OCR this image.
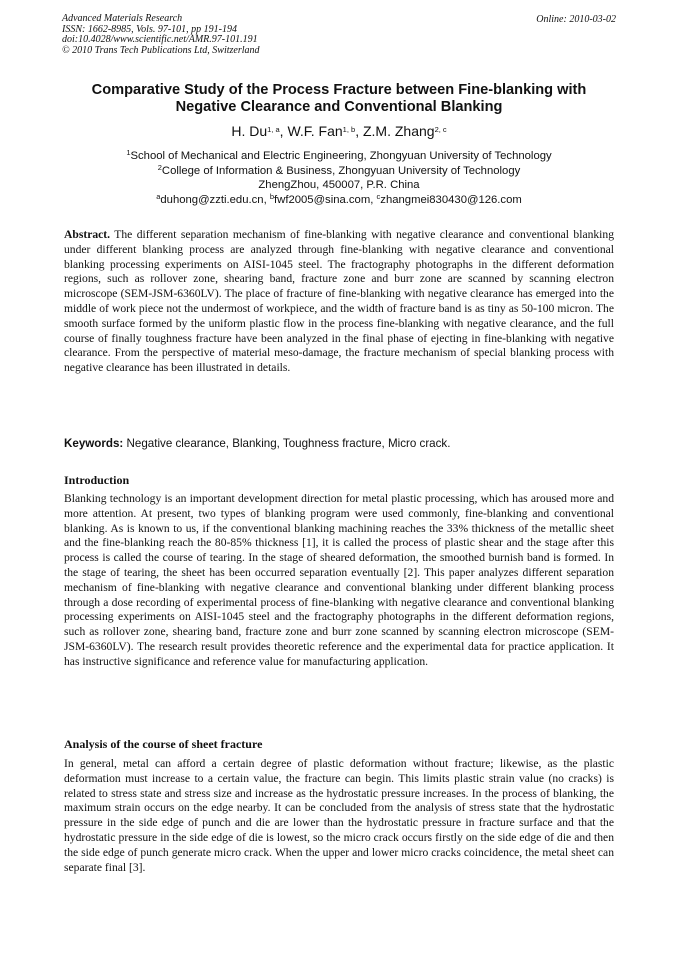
Advanced Materials Research
ISSN: 1662-8985, Vols. 97-101, pp 191-194
doi:10.4028/www.scientific.net/AMR.97-101.191
© 2010 Trans Tech Publications Ltd, Switzerland
Online: 2010-03-02
Comparative Study of the Process Fracture between Fine-blanking with
Negative Clearance and Conventional Blanking
H. Du$^{1, a}$, W.F. Fan$^{1, b}$, Z.M. Zhang$^{2, c}$
$^1$School of Mechanical and Electric Engineering, Zhongyuan University of Technology
$^2$College of Information & Business, Zhongyuan University of Technology
ZhengZhou, 450007, P.R. China
$^a$duhong@zzti.edu.cn, $^b$fwf2005@sina.com, $^c$zhangmei830430@126.com
Abstract. The different separation mechanism of fine-blanking with negative clearance and conventional blanking under different blanking process are analyzed through fine-blanking with negative clearance and conventional blanking processing experiments on AISI-1045 steel. The fractography photographs in the different deformation regions, such as rollover zone, shearing band, fracture zone and burr zone are scanned by scanning electron microscope (SEM-JSM-6360LV). The place of fracture of fine-blanking with negative clearance has emerged into the middle of work piece not the undermost of workpiece, and the width of fracture band is as tiny as 50-100 micron. The smooth surface formed by the uniform plastic flow in the process fine-blanking with negative clearance, and the full course of finally toughness fracture have been analyzed in the final phase of ejecting in fine-blanking with negative clearance. From the perspective of material meso-damage, the fracture mechanism of special blanking process with negative clearance has been illustrated in details.
Keywords: Negative clearance, Blanking, Toughness fracture, Micro crack.
Introduction
Blanking technology is an important development direction for metal plastic processing, which has aroused more and more attention. At present, two types of blanking program were used commonly, fine-blanking and conventional blanking. As is known to us, if the conventional blanking machining reaches the 33% thickness of the metallic sheet and the fine-blanking reach the 80-85% thickness [1], it is called the process of plastic shear and the stage after this process is called the course of tearing. In the stage of sheared deformation, the smoothed burnish band is formed. In the stage of tearing, the sheet has been occurred separation eventually [2]. This paper analyzes different separation mechanism of fine-blanking with negative clearance and conventional blanking under different blanking process through a dose recording of experimental process of fine-blanking with negative clearance and conventional blanking processing experiments on AISI-1045 steel and the fractography photographs in the different deformation regions, such as rollover zone, shearing band, fracture zone and burr zone scanned by scanning electron microscope (SEM-JSM-6360LV). The research result provides theoretic reference and the experimental data for practice application. It has instructive significance and reference value for manufacturing application.
Analysis of the course of sheet fracture
In general, metal can afford a certain degree of plastic deformation without fracture; likewise, as the plastic deformation must increase to a certain value, the fracture can begin. This limits plastic strain value (no cracks) is related to stress state and stress size and increase as the hydrostatic pressure increases. In the process of blanking, the maximum strain occurs on the edge nearby. It can be concluded from the analysis of stress state that the hydrostatic pressure in the side edge of punch and die are lower than the hydrostatic pressure in fracture surface and that the hydrostatic pressure in the side edge of die is lowest, so the micro crack occurs firstly on the side edge of die and then the side edge of punch generate micro crack. When the upper and lower micro cracks coincidence, the metal sheet can separate final [3].
